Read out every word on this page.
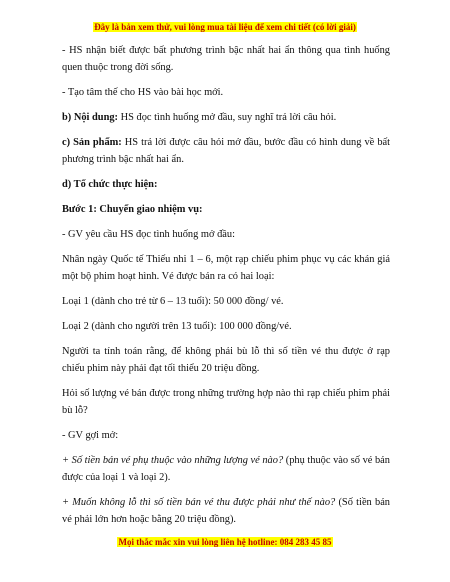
Đây là bản xem thử, vui lòng mua tài liệu để xem chi tiết (có lời giải)

- HS nhận biết được bất phương trình bậc nhất hai ẩn thông qua tình huống quen thuộc trong đời sống.

- Tạo tâm thế cho HS vào bài học mới.

b) Nội dung: HS đọc tình huống mở đầu, suy nghĩ trả lời câu hỏi.

c) Sản phẩm: HS trả lời được câu hỏi mở đầu, bước đầu có hình dung về bất phương trình bậc nhất hai ẩn.

d) Tổ chức thực hiện:

Bước 1: Chuyển giao nhiệm vụ:

- GV yêu cầu HS đọc tình huống mở đầu:

Nhân ngày Quốc tế Thiếu nhi 1 – 6, một rạp chiếu phim phục vụ các khán giả một bộ phim hoạt hình. Vé được bán ra có hai loại:

Loại 1 (dành cho trẻ từ 6 – 13 tuổi): 50 000 đồng/ vé.

Loại 2 (dành cho người trên 13 tuổi): 100 000 đồng/vé.

Người ta tính toán rằng, để không phải bù lỗ thì số tiền vé thu được ở rạp chiếu phim này phải đạt tối thiểu 20 triệu đồng.

Hỏi số lượng vé bán được trong những trường hợp nào thì rạp chiếu phim phải bù lỗ?

- GV gợi mở:

+ Số tiền bán vé phụ thuộc vào những lượng vé nào? (phụ thuộc vào số vé bán được của loại 1 và loại 2).

+ Muốn không lỗ thì số tiền bán vé thu được phải như thế nào? (Số tiền bán vé phải lớn hơn hoặc bằng 20 triệu đồng).

Mọi thắc mắc xin vui lòng liên hệ hotline: 084 283 45 85
